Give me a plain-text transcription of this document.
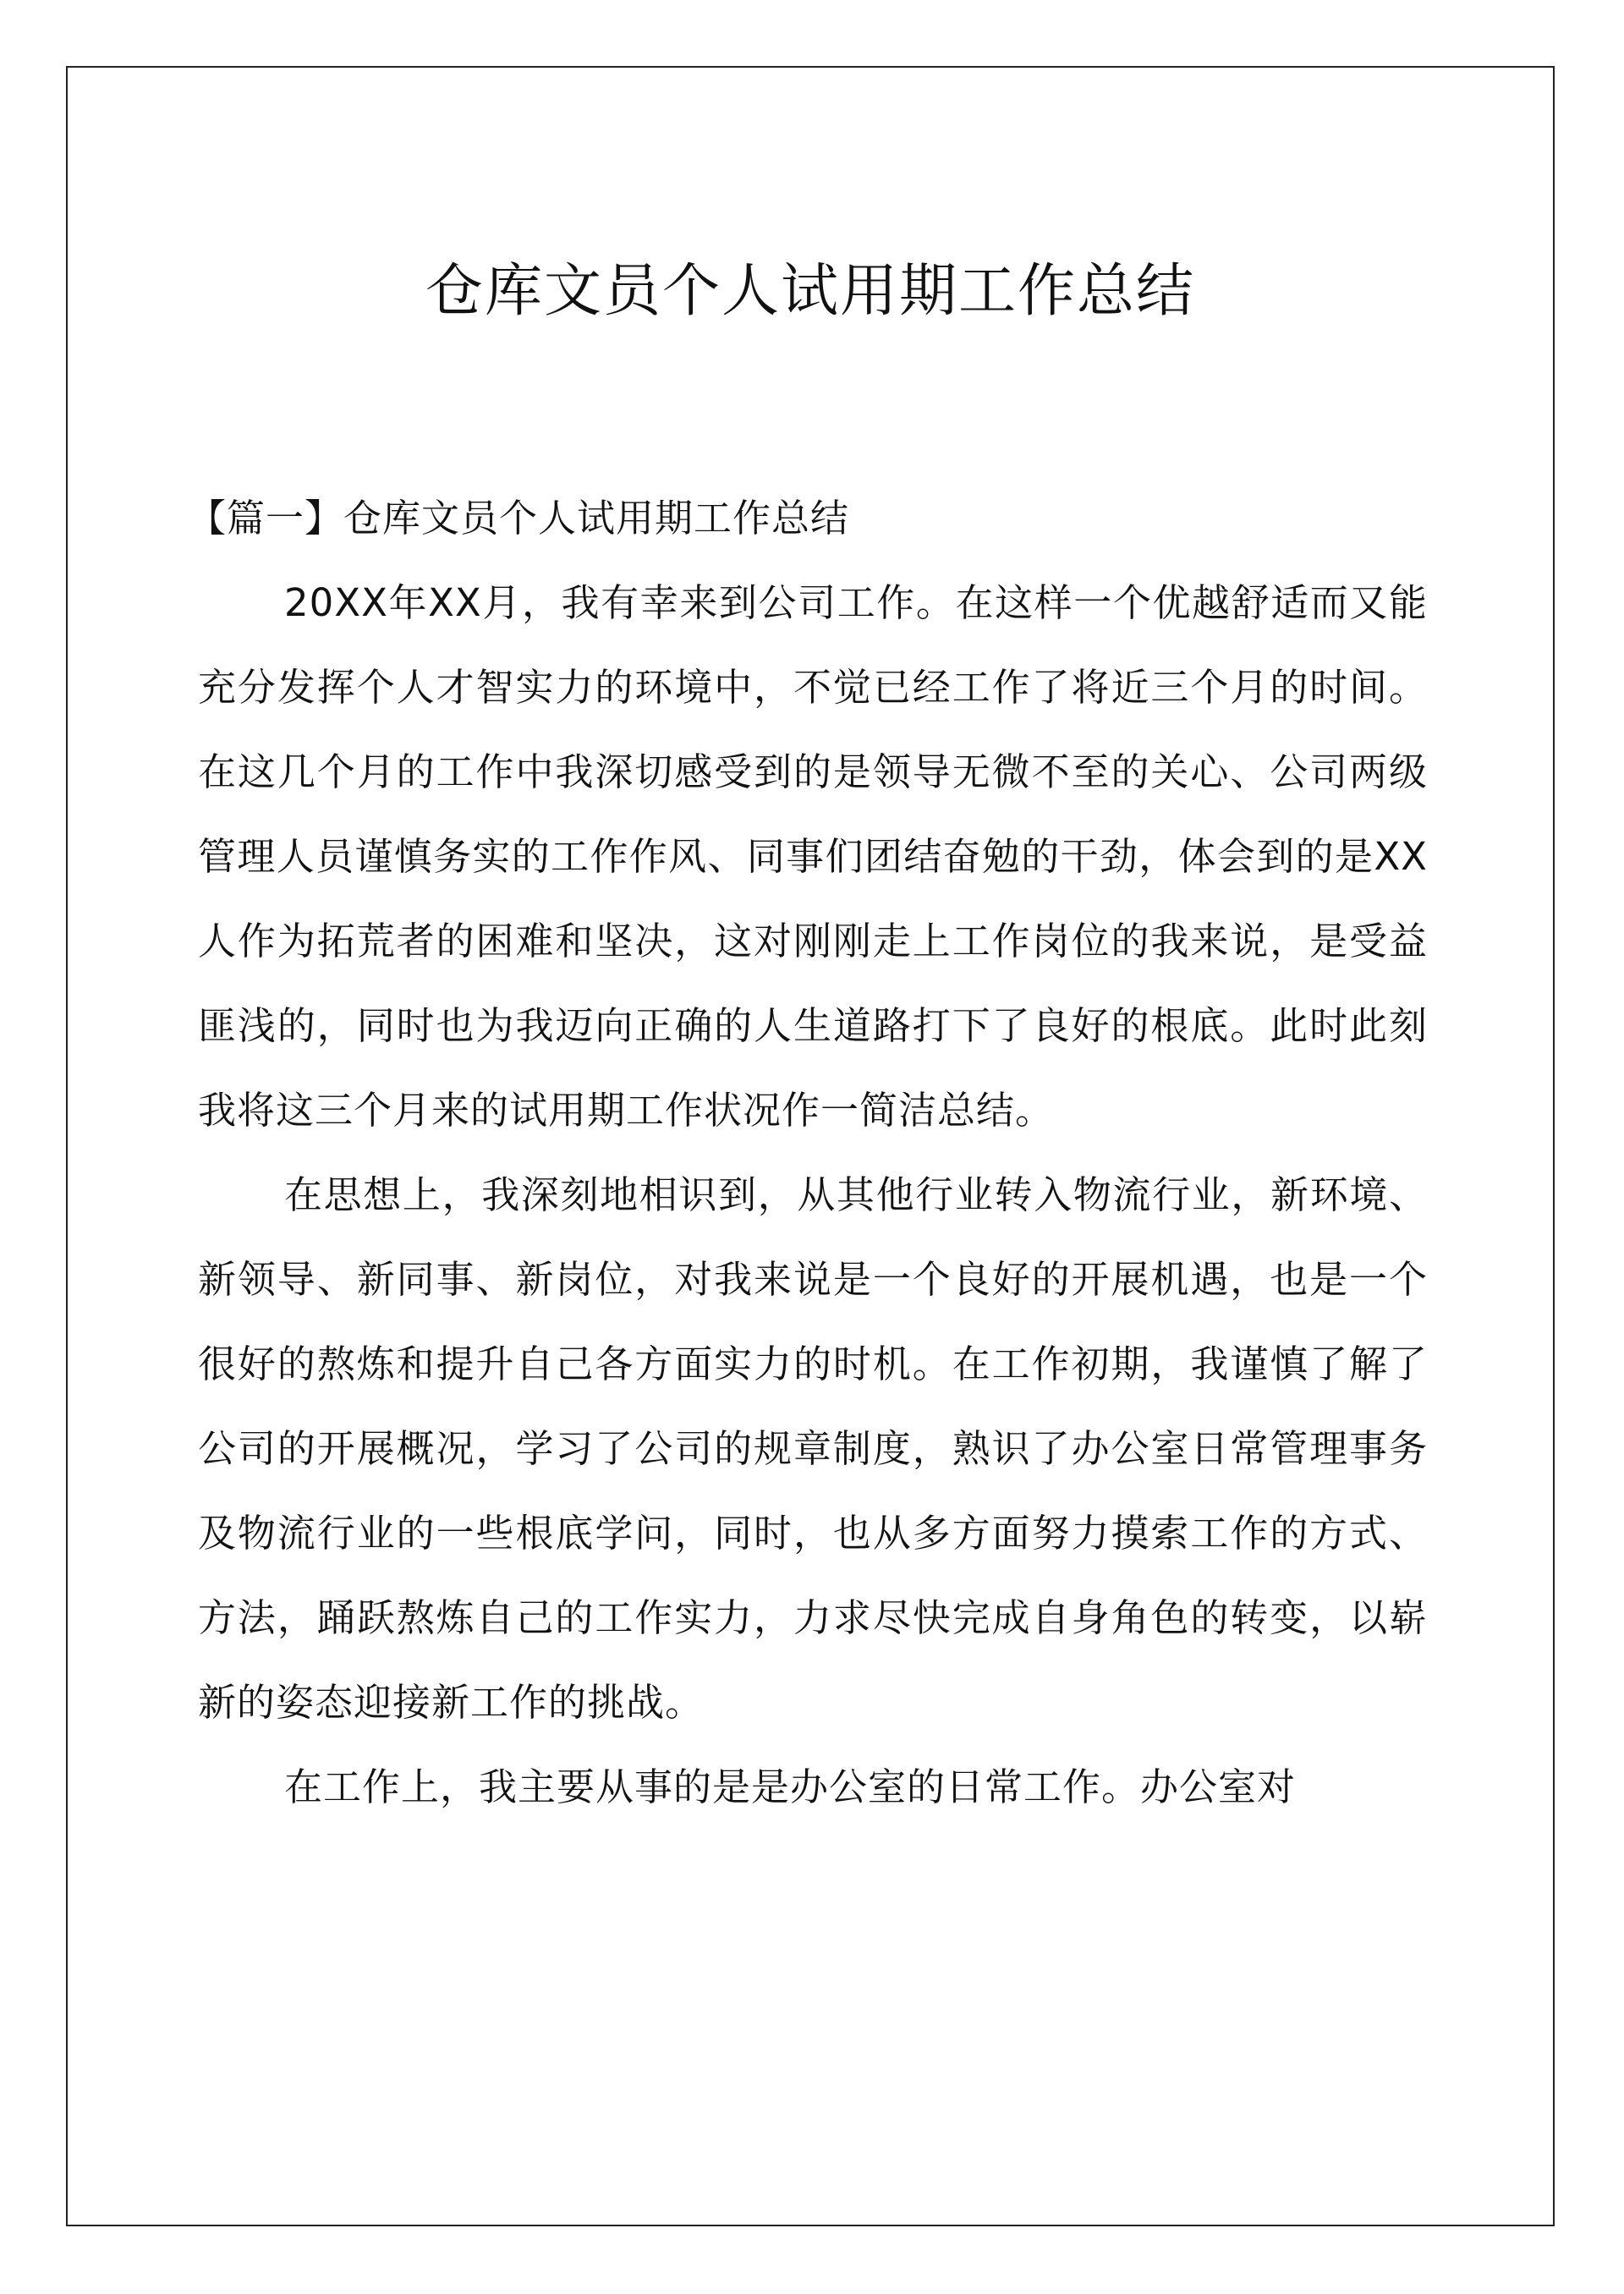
仓库文员个人试用期工作总结

【篇一】仓库文员个人试用期工作总结

20XX年XX月，我有幸来到公司工作。在这样一个优越舒适而又能充分发挥个人才智实力的环境中，不觉已经工作了将近三个月的时间。在这几个月的工作中我深切感受到的是领导无微不至的关心、公司两级管理人员谨慎务实的工作作风、同事们团结奋勉的干劲，体会到的是XX人作为拓荒者的困难和坚决，这对刚刚走上工作岗位的我来说，是受益匪浅的，同时也为我迈向正确的人生道路打下了良好的根底。此时此刻我将这三个月来的试用期工作状况作一简洁总结。

在思想上，我深刻地相识到，从其他行业转入物流行业，新环境、新领导、新同事、新岗位，对我来说是一个良好的开展机遇，也是一个很好的熬炼和提升自己各方面实力的时机。在工作初期，我谨慎了解了公司的开展概况，学习了公司的规章制度，熟识了办公室日常管理事务及物流行业的一些根底学问，同时，也从多方面努力摸索工作的方式、方法，踊跃熬炼自己的工作实力，力求尽快完成自身角色的转变，以崭新的姿态迎接新工作的挑战。

在工作上，我主要从事的是是办公室的日常工作。办公室对
